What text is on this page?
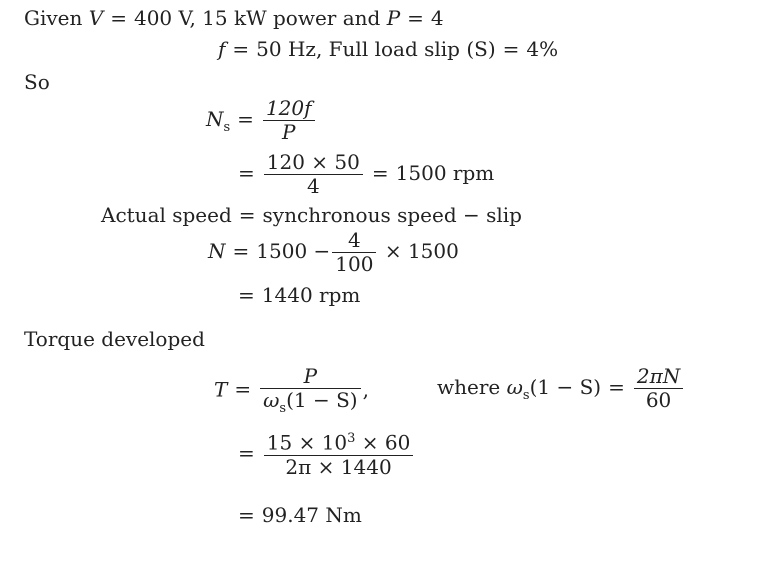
Given V = 400 V, 15 kW power and P = 4
f = 50 Hz, Full load slip (S) = 4%
So
$N_s = \frac{120f}{P}$
= $\frac{120 \times 50}{4} = 1500$ rpm
Actual speed = synchronous speed − slip
$N = 1500 - \frac{4}{100} \times 1500$
= 1440 rpm
Torque developed
$T = \frac{P}{\omega_s(1 - S)}$ ,	where $\omega_s(1 - S) = \frac{2\pi N}{60}$
= $\frac{15 \times 10^3 \times 60}{2\pi \times 1440}$
= 99.47 Nm
